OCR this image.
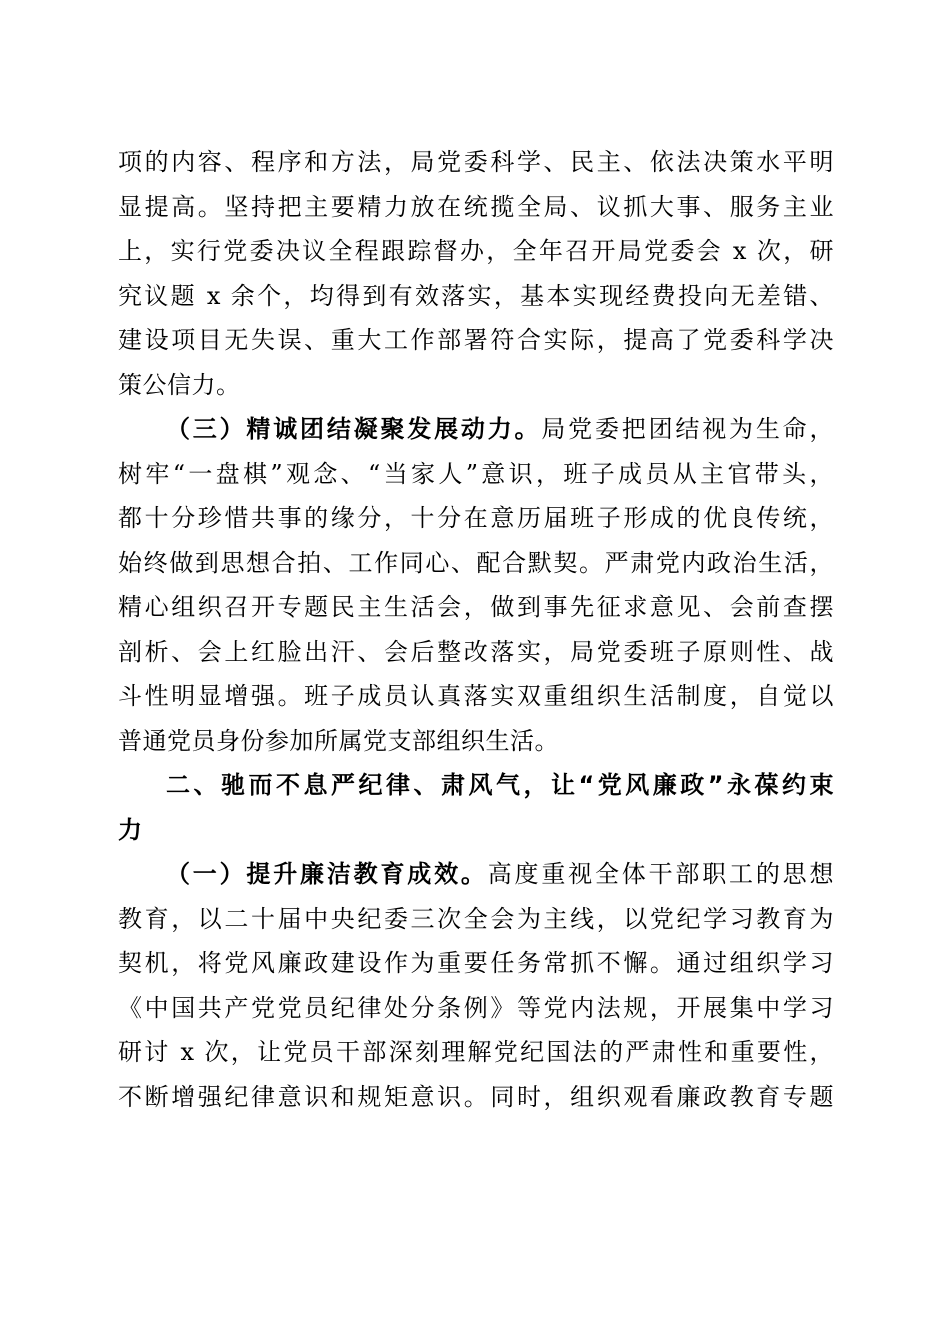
项的内容、程序和方法，局党委科学、民主、依法决策水平明
显提高。坚持把主要精力放在统揽全局、议抓大事、服务主业
上，实行党委决议全程跟踪督办，全年召开局党委会 x 次，研
究议题 x 余个，均得到有效落实，基本实现经费投向无差错、
建设项目无失误、重大工作部署符合实际，提高了党委科学决
策公信力。
（三）精诚团结凝聚发展动力。局党委把团结视为生命，
树牢“一盘棋”观念、“当家人”意识，班子成员从主官带头，
都十分珍惜共事的缘分，十分在意历届班子形成的优良传统，
始终做到思想合拍、工作同心、配合默契。严肃党内政治生活，
精心组织召开专题民主生活会，做到事先征求意见、会前查摆
剖析、会上红脸出汗、会后整改落实，局党委班子原则性、战
斗性明显增强。班子成员认真落实双重组织生活制度，自觉以
普通党员身份参加所属党支部组织生活。
二、驰而不息严纪律、肃风气，让“党风廉政”永葆约束
力
（一）提升廉洁教育成效。高度重视全体干部职工的思想
教育，以二十届中央纪委三次全会为主线，以党纪学习教育为
契机，将党风廉政建设作为重要任务常抓不懈。通过组织学习
《中国共产党党员纪律处分条例》等党内法规，开展集中学习
研讨 x 次，让党员干部深刻理解党纪国法的严肃性和重要性，
不断增强纪律意识和规矩意识。同时，组织观看廉政教育专题
